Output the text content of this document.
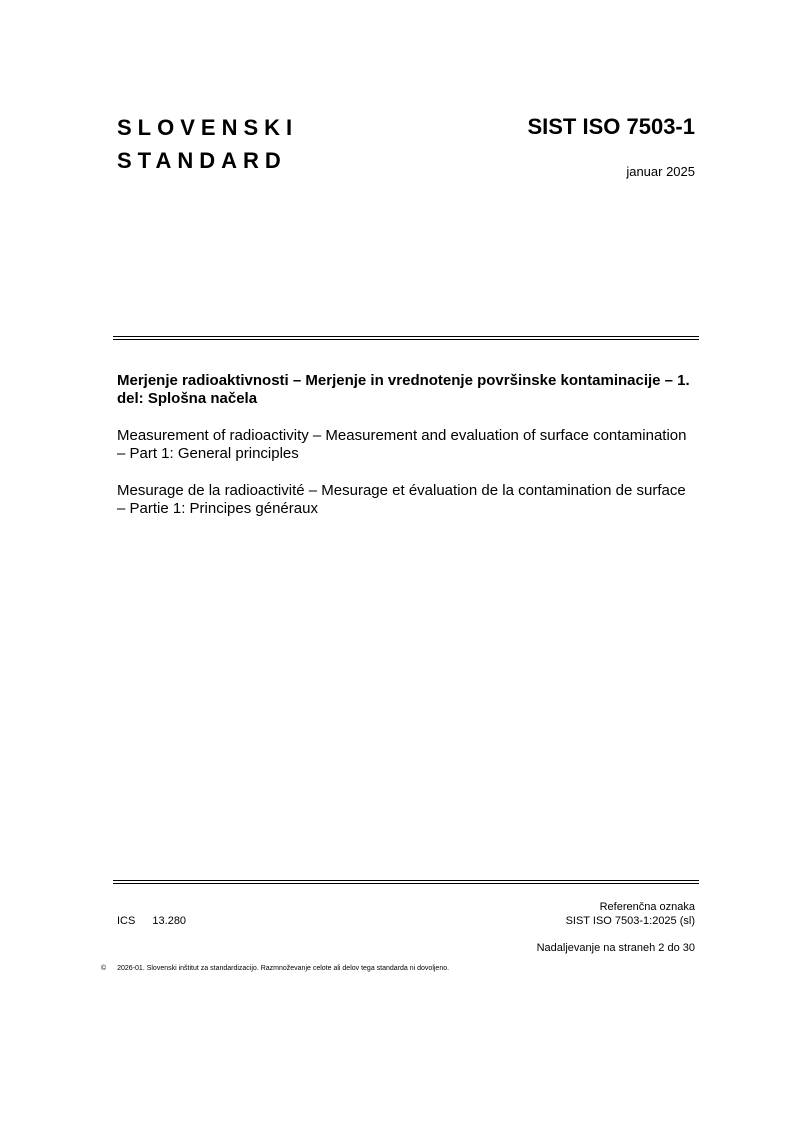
SLOVENSKI
STANDARD
SIST ISO 7503-1
januar 2025
Merjenje radioaktivnosti – Merjenje in vrednotenje površinske kontaminacije – 1. del: Splošna načela
Measurement of radioactivity – Measurement and evaluation of surface contamination – Part 1: General principles
Mesurage de la radioactivité – Mesurage et évaluation de la contamination de surface – Partie 1: Principes généraux
ICS 13.280
Referenčna oznaka
SIST ISO 7503-1:2025 (sl)
Nadaljevanje na straneh 2 do 30
© 2026-01. Slovenski inštitut za standardizacijo. Razmnoževanje celote ali delov tega standarda ni dovoljeno.
